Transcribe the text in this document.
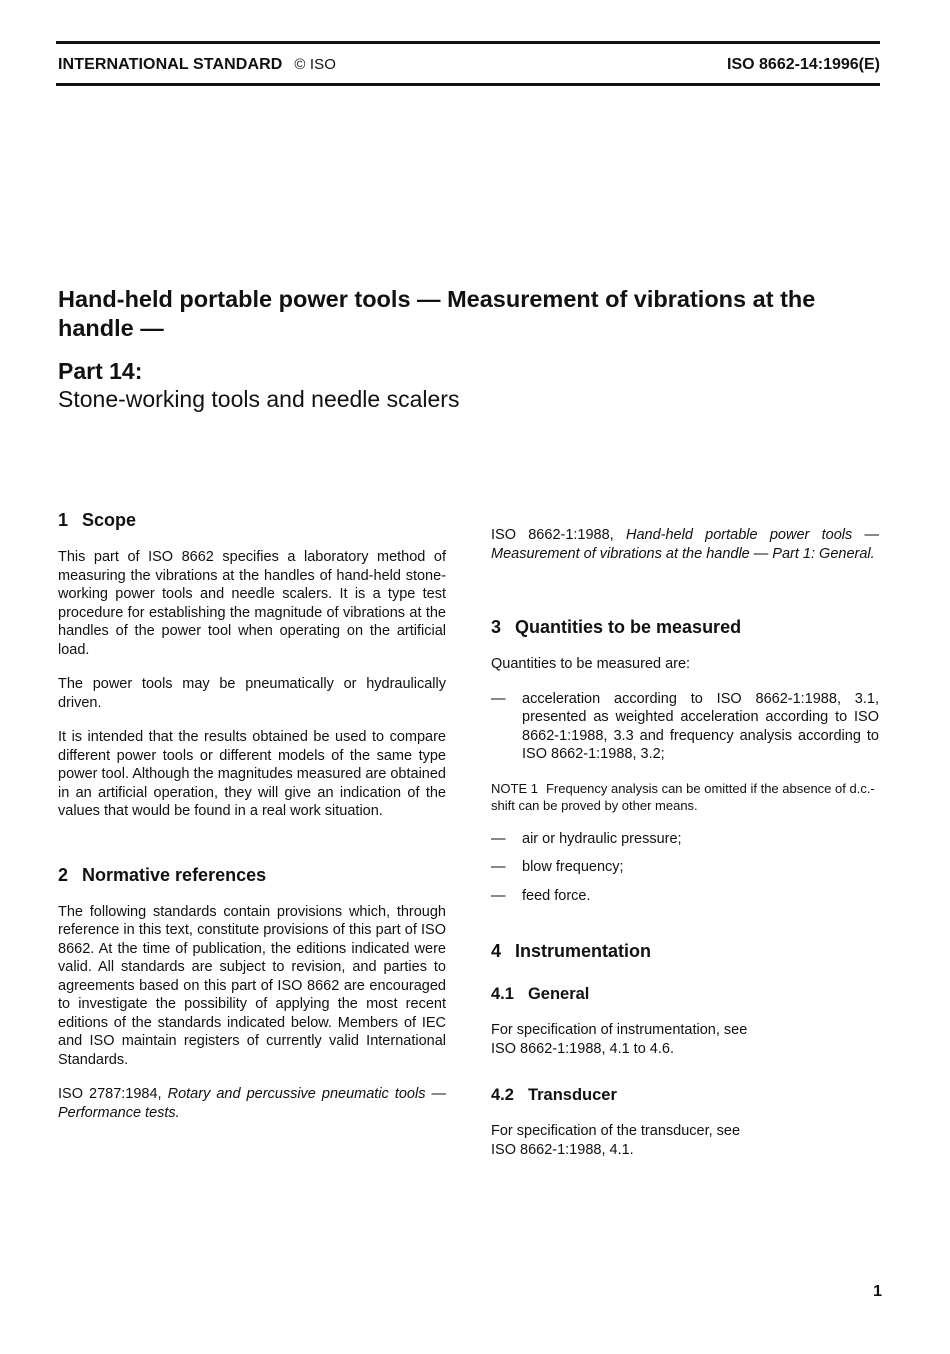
INTERNATIONAL STANDARD © ISO	ISO 8662-14:1996(E)
Hand-held portable power tools — Measurement of vibrations at the handle —
Part 14:
Stone-working tools and needle scalers
1 Scope

This part of ISO 8662 specifies a laboratory method of measuring the vibrations at the handles of hand-held stone-working power tools and needle scalers. It is a type test procedure for establishing the magnitude of vibrations at the handles of the power tool when operating on the artificial load.

The power tools may be pneumatically or hydraulically driven.

It is intended that the results obtained be used to compare different power tools or different models of the same type power tool. Although the magnitudes measured are obtained in an artificial operation, they will give an indication of the values that would be found in a real work situation.

2 Normative references

The following standards contain provisions which, through reference in this text, constitute provisions of this part of ISO 8662. At the time of publication, the editions indicated were valid. All standards are subject to revision, and parties to agreements based on this part of ISO 8662 are encouraged to investigate the possibility of applying the most recent editions of the standards indicated below. Members of IEC and ISO maintain registers of currently valid International Standards.

ISO 2787:1984, Rotary and percussive pneumatic tools — Performance tests.

ISO 8662-1:1988, Hand-held portable power tools — Measurement of vibrations at the handle — Part 1: General.

3 Quantities to be measured

Quantities to be measured are:

—	acceleration according to ISO 8662-1:1988, 3.1, presented as weighted acceleration according to ISO 8662-1:1988, 3.3 and frequency analysis according to ISO 8662-1:1988, 3.2;

NOTE 1 Frequency analysis can be omitted if the absence of d.c.-shift can be proved by other means.

—	air or hydraulic pressure;
—	blow frequency;
—	feed force.
4 Instrumentation
4.1 General

For specification of instrumentation, see
ISO 8662-1:1988, 4.1 to 4.6.

4.2 Transducer

For specification of the transducer, see
ISO 8662-1:1988, 4.1.

1
